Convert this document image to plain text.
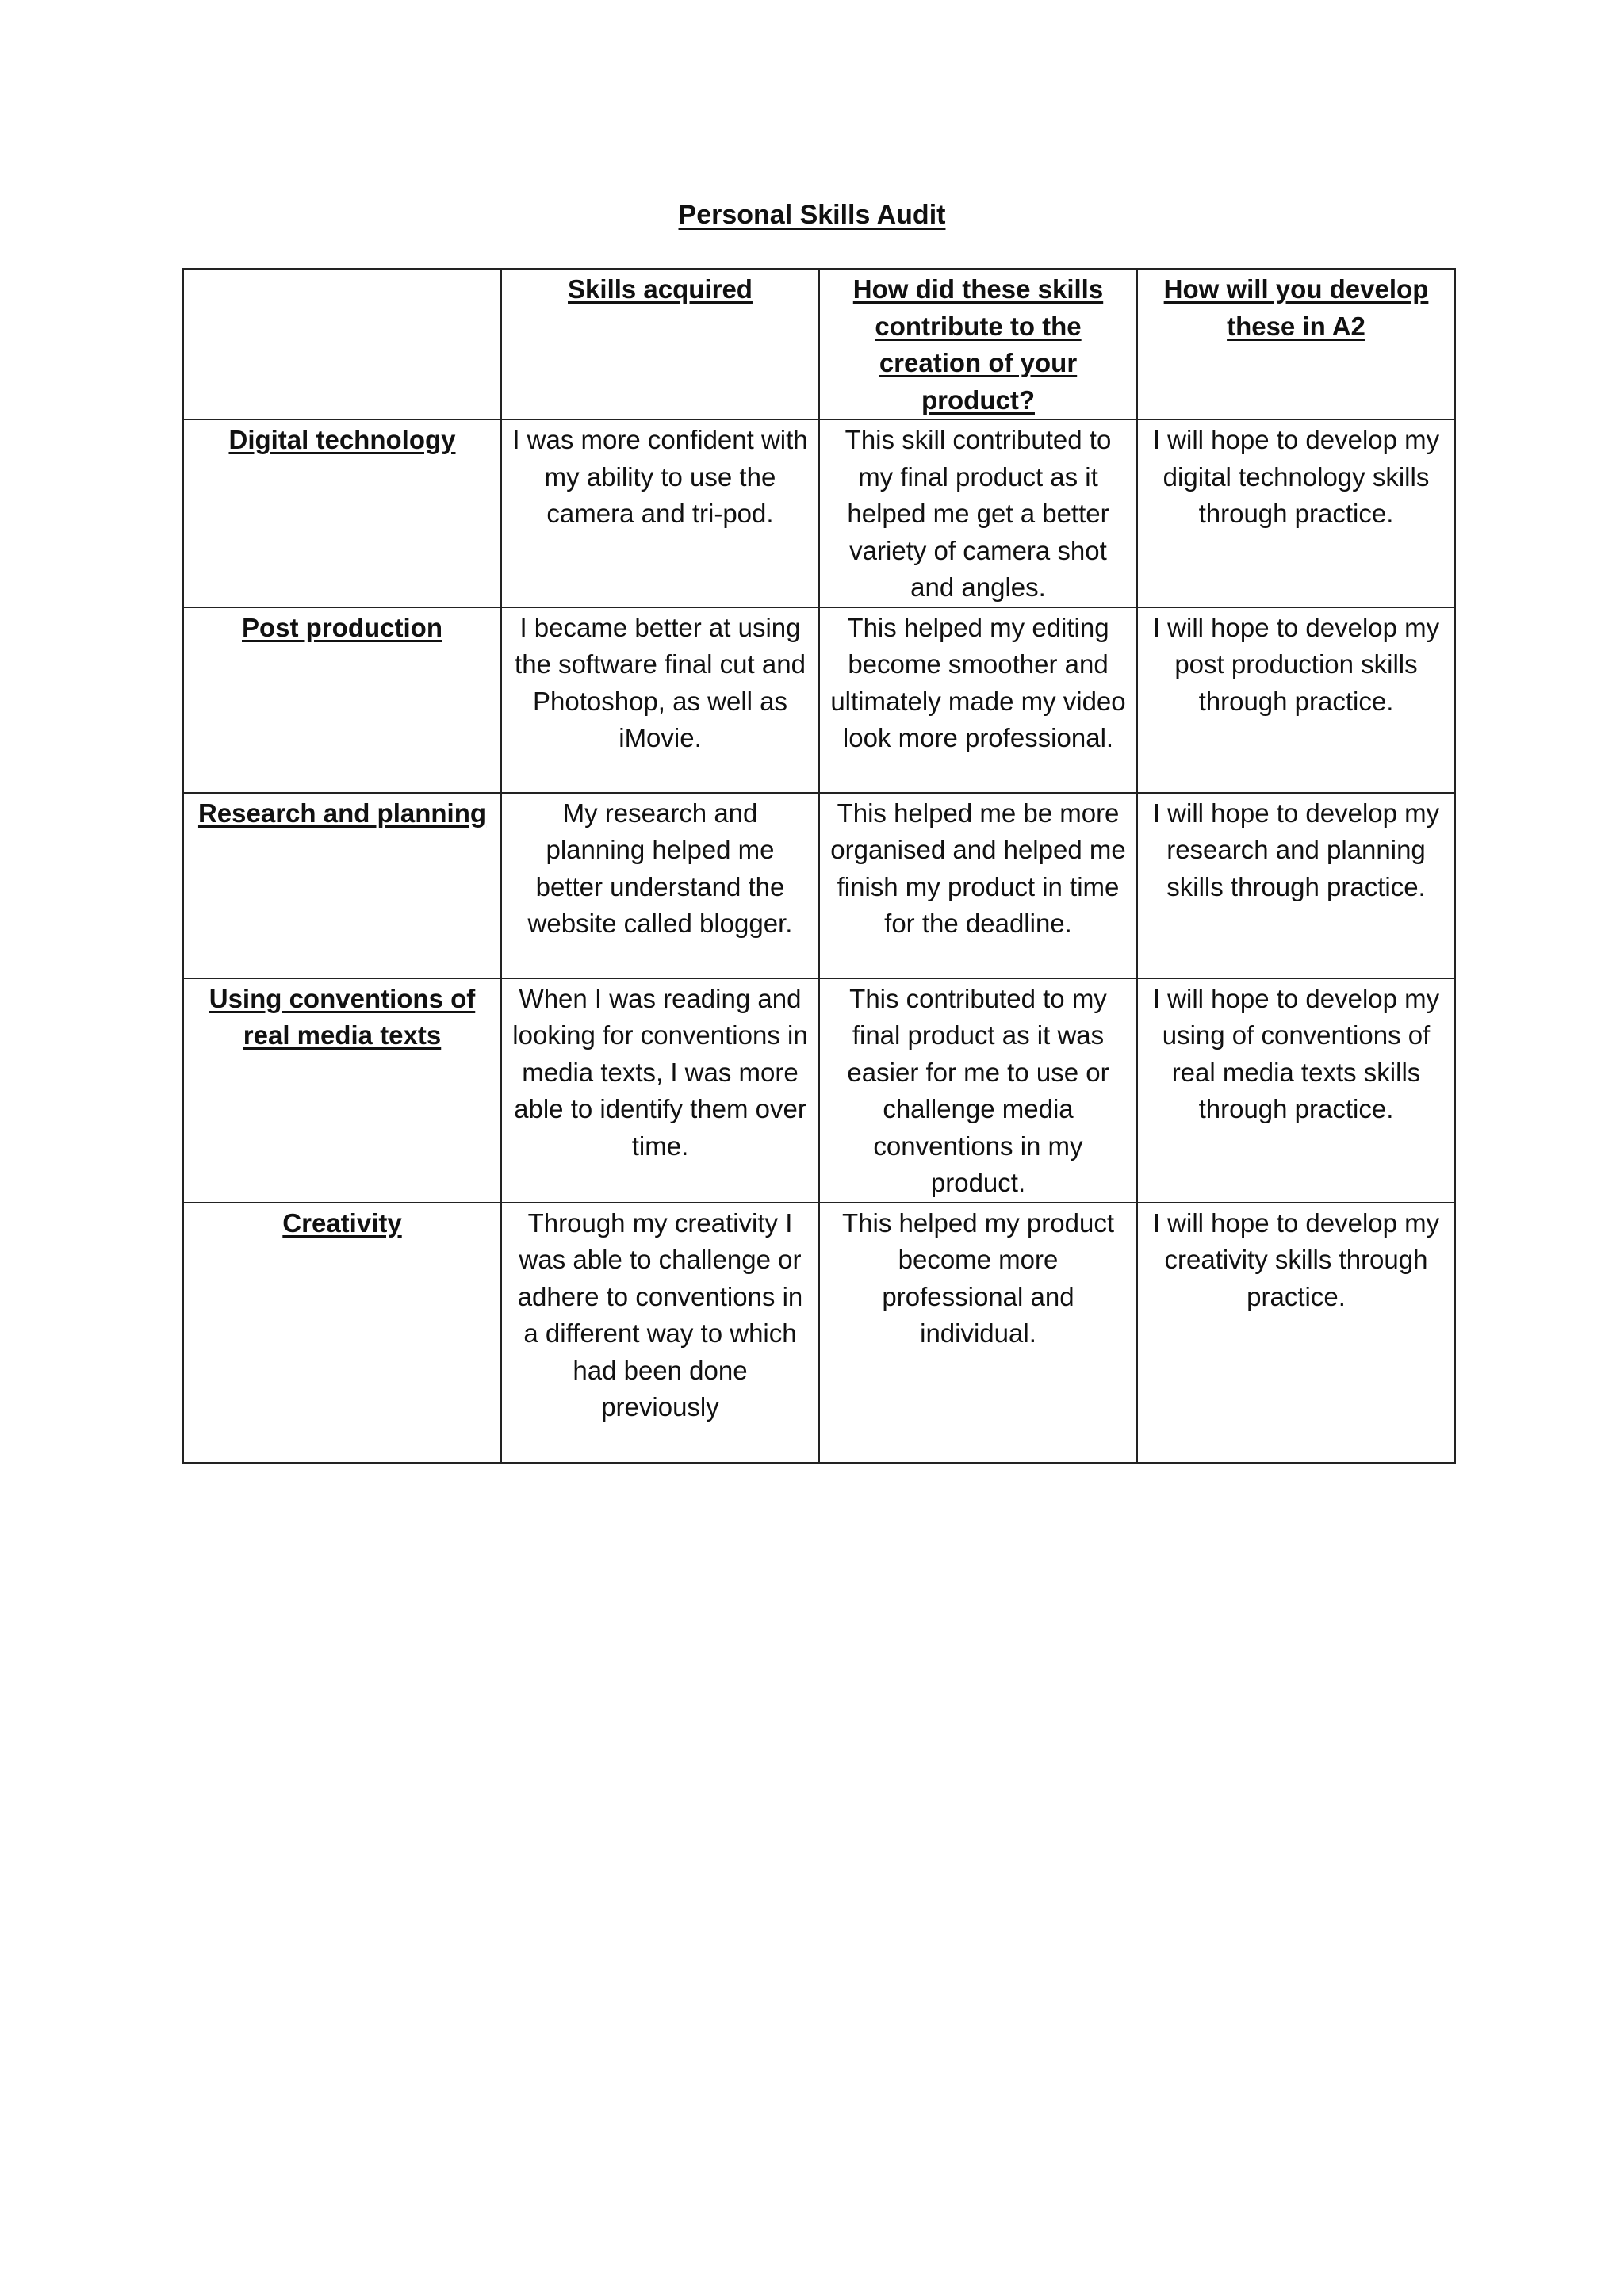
Personal Skills Audit
	Skills acquired	How did these skills contribute to the creation of your product?	How will you develop these in A2
Digital technology	I was more confident with my ability to use the camera and tri-pod.	This skill contributed to my final product as it helped me get a better variety of camera shot and angles.	I will hope to develop my digital technology skills through practice.
Post production	I became better at using the software final cut and Photoshop, as well as iMovie.	This helped my editing become smoother and ultimately made my video look more professional.	I will hope to develop my post production skills through practice.
Research and planning	My research and planning helped me better understand the website called blogger.	This helped me be more organised and helped me finish my product in time for the deadline.	I will hope to develop my research and planning skills through practice.
Using conventions of real media texts	When I was reading and looking for conventions in media texts, I was more able to identify them over time.	This contributed to my final product as it was easier for me to use or challenge media conventions in my product.	I will hope to develop my using of conventions of real media texts skills through practice.
Creativity	Through my creativity I was able to challenge or adhere to conventions in a different way to which had been done previously	This helped my product become more professional and individual.	I will hope to develop my creativity skills through practice.
